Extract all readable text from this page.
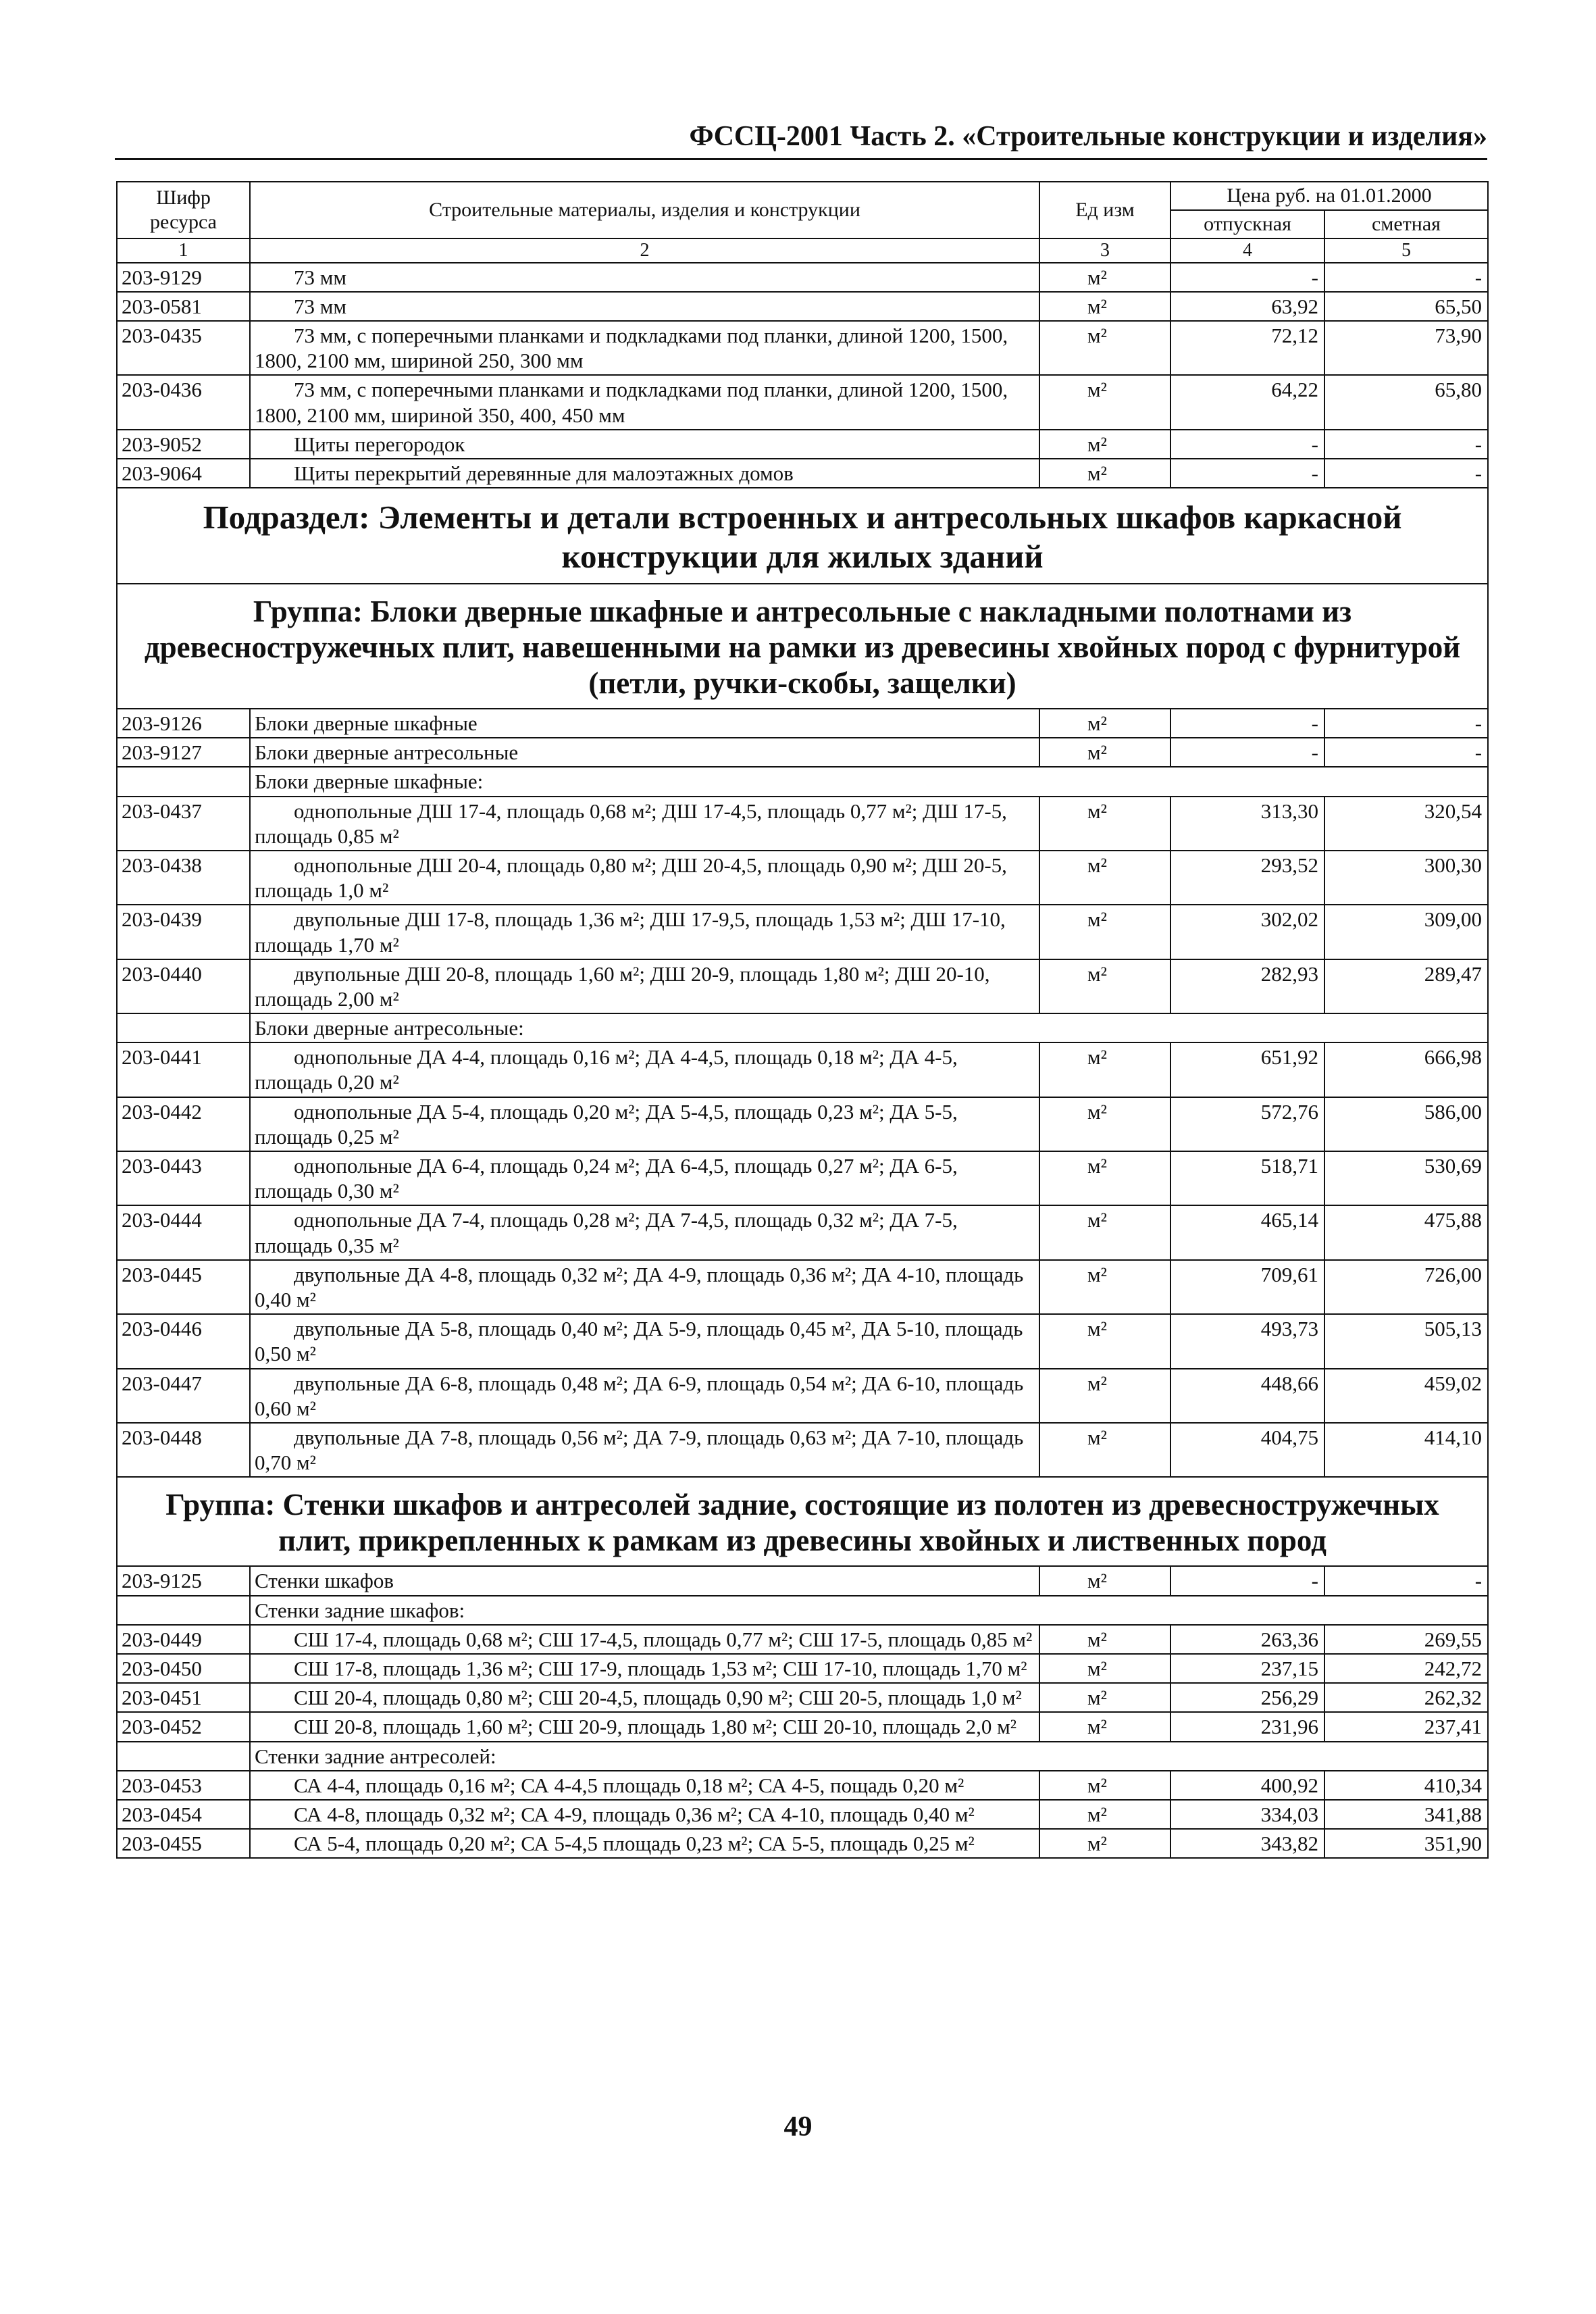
ФССЦ-2001 Часть 2. «Строительные конструкции и изделия»
Шифр ресурса	Строительные материалы, изделия и конструкции	Ед изм	Цена руб. на 01.01.2000	
			отпускная	сметная
1	2	3	4	5
203-9129	73 мм	м²	-	-
203-0581	73 мм	м²	63,92	65,50
203-0435	73 мм, с поперечными планками и подкладками под планки, длиной 1200, 1500, 1800, 2100 мм, шириной 250, 300 мм	м²	72,12	73,90
203-0436	73 мм, с поперечными планками и подкладками под планки, длиной 1200, 1500, 1800, 2100 мм, шириной 350, 400, 450 мм	м²	64,22	65,80
203-9052	Щиты перегородок	м²	-	-
203-9064	Щиты перекрытий деревянные для малоэтажных домов	м²	-	-
Подраздел: Элементы и детали встроенных и антресольных шкафов каркасной конструкции для жилых зданий				
Группа: Блоки дверные шкафные и антресольные с накладными полотнами из древесностружечных плит, навешенными на рамки из древесины хвойных пород с фурнитурой (петли, ручки-скобы, защелки)				
203-9126	Блоки дверные шкафные	м²	-	-
203-9127	Блоки дверные антресольные	м²	-	-
	Блоки дверные шкафные:			
203-0437	однопольные ДШ 17-4, площадь 0,68 м²; ДШ 17-4,5, площадь 0,77 м²; ДШ 17-5, площадь 0,85 м²	м²	313,30	320,54
203-0438	однопольные ДШ 20-4, площадь 0,80 м²; ДШ 20-4,5, площадь 0,90 м²; ДШ 20-5, площадь 1,0 м²	м²	293,52	300,30
203-0439	двупольные ДШ 17-8, площадь 1,36 м²; ДШ 17-9,5, площадь 1,53 м²; ДШ 17-10, площадь 1,70 м²	м²	302,02	309,00
203-0440	двупольные ДШ 20-8, площадь 1,60 м²; ДШ 20-9, площадь 1,80 м²; ДШ 20-10, площадь 2,00 м²	м²	282,93	289,47
	Блоки дверные антресольные:			
203-0441	однопольные ДА 4-4, площадь 0,16 м²; ДА 4-4,5, площадь 0,18 м²; ДА 4-5, площадь 0,20 м²	м²	651,92	666,98
203-0442	однопольные ДА 5-4, площадь 0,20 м²; ДА 5-4,5, площадь 0,23 м²; ДА 5-5, площадь 0,25 м²	м²	572,76	586,00
203-0443	однопольные ДА 6-4, площадь 0,24 м²; ДА 6-4,5, площадь 0,27 м²; ДА 6-5, площадь 0,30 м²	м²	518,71	530,69
203-0444	однопольные ДА 7-4, площадь 0,28 м²; ДА 7-4,5, площадь 0,32 м²; ДА 7-5, площадь 0,35 м²	м²	465,14	475,88
203-0445	двупольные ДА 4-8, площадь 0,32 м²; ДА 4-9, площадь 0,36 м²; ДА 4-10, площадь 0,40 м²	м²	709,61	726,00
203-0446	двупольные ДА 5-8, площадь 0,40 м²; ДА 5-9, площадь 0,45 м², ДА 5-10, площадь 0,50 м²	м²	493,73	505,13
203-0447	двупольные ДА 6-8, площадь 0,48 м²; ДА 6-9, площадь 0,54 м²; ДА 6-10, площадь 0,60 м²	м²	448,66	459,02
203-0448	двупольные ДА 7-8, площадь 0,56 м²; ДА 7-9, площадь 0,63 м²; ДА 7-10, площадь 0,70 м²	м²	404,75	414,10
Группа: Стенки шкафов и антресолей задние, состоящие из полотен из древесностружечных плит, прикрепленных к рамкам из древесины хвойных и лиственных пород				
203-9125	Стенки шкафов	м²	-	-
	Стенки задние шкафов:			
203-0449	СШ 17-4, площадь 0,68 м²; СШ 17-4,5, площадь 0,77 м²; СШ 17-5, площадь 0,85 м²	м²	263,36	269,55
203-0450	СШ 17-8, площадь 1,36 м²; СШ 17-9, площадь 1,53 м²; СШ 17-10, площадь 1,70 м²	м²	237,15	242,72
203-0451	СШ 20-4, площадь 0,80 м²; СШ 20-4,5, площадь 0,90 м²; СШ 20-5, площадь 1,0 м²	м²	256,29	262,32
203-0452	СШ 20-8, площадь 1,60 м²; СШ 20-9, площадь 1,80 м²; СШ 20-10, площадь 2,0 м²	м²	231,96	237,41
	Стенки задние антресолей:			
203-0453	СА 4-4, площадь 0,16 м²; СА 4-4,5 площадь 0,18 м²; СА 4-5, пощадь 0,20 м²	м²	400,92	410,34
203-0454	СА 4-8, площадь 0,32 м²; СА 4-9, площадь 0,36 м²; СА 4-10, площадь 0,40 м²	м²	334,03	341,88
203-0455	СА 5-4, площадь 0,20 м²; СА 5-4,5 площадь 0,23 м²; СА 5-5, площадь 0,25 м²	м²	343,82	351,90
49
